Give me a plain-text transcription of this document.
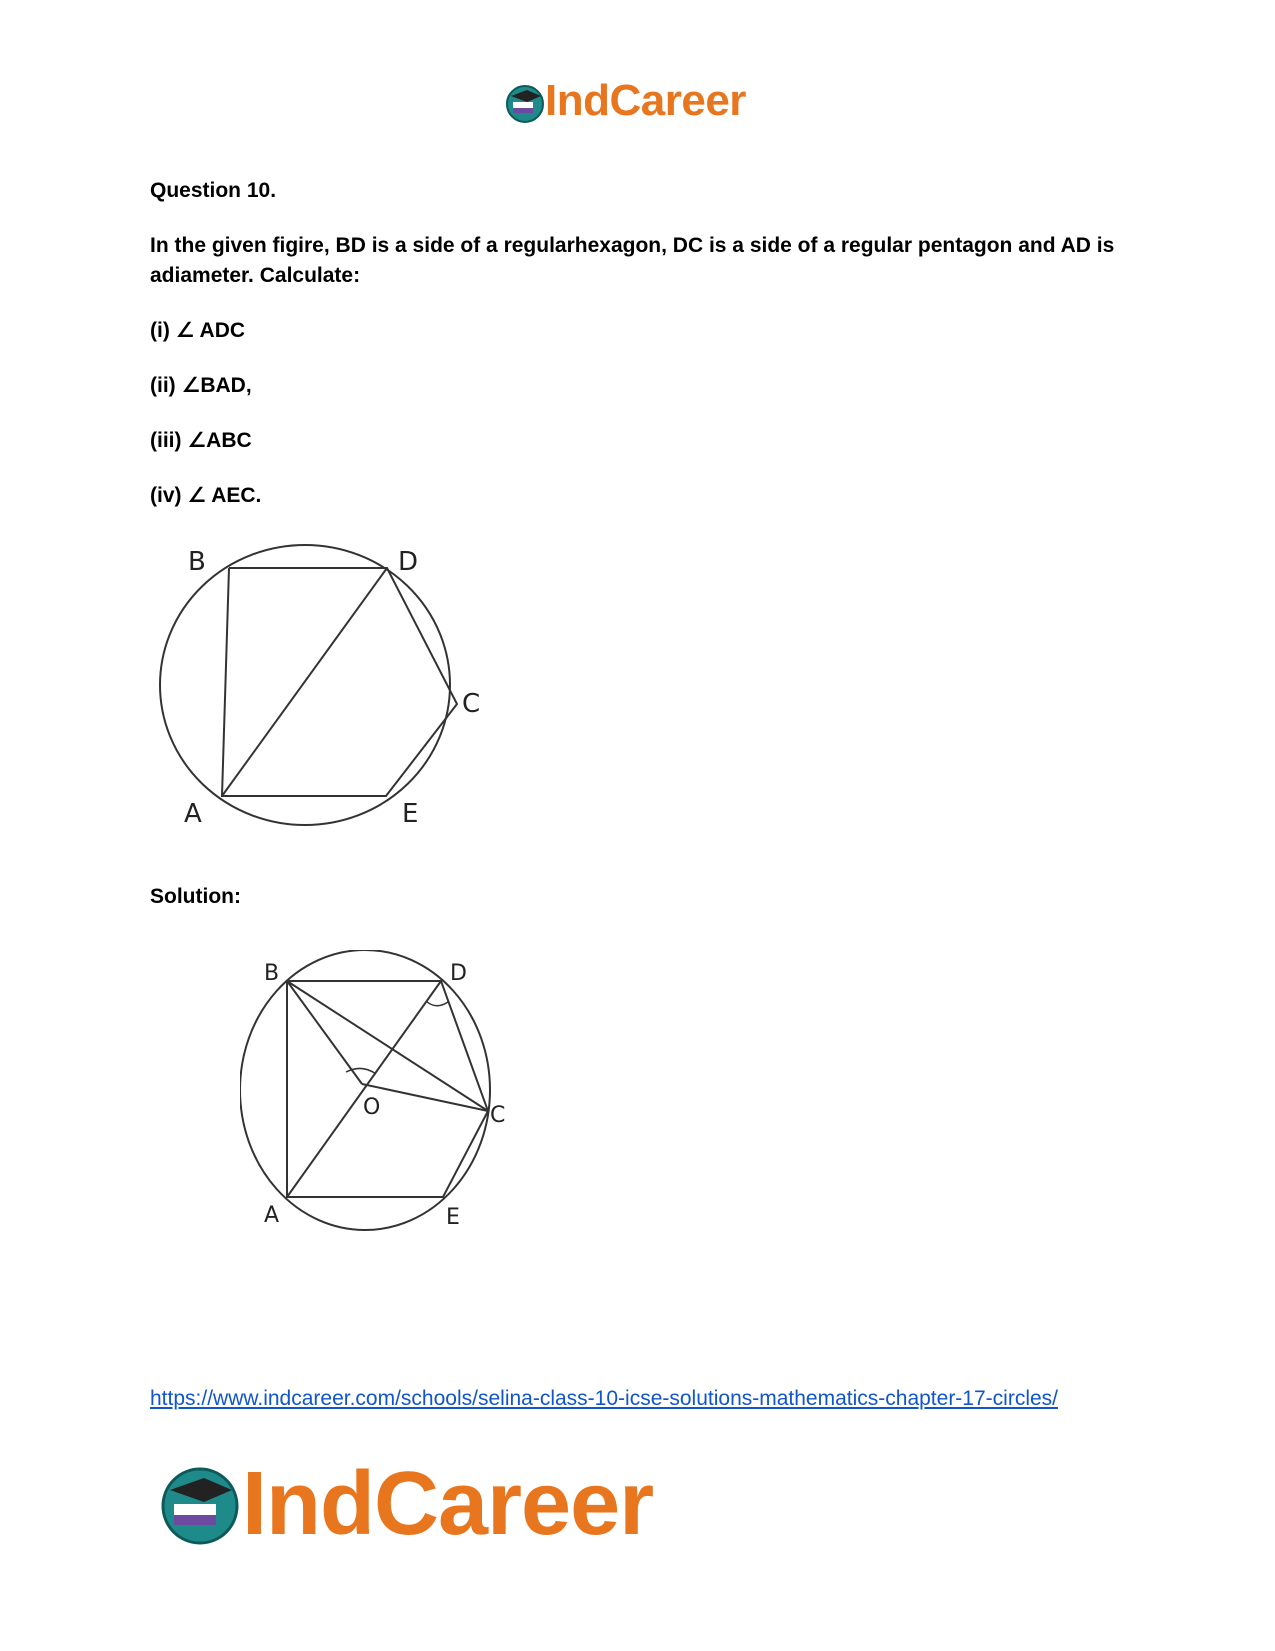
IndCareer
Question 10.
In the given figire, BD is a side of a regularhexagon, DC is a side of a regular pentagon and AD is adiameter. Calculate:
(i) ∠ ADC
(ii) ∠BAD,
(iii) ∠ABC
(iv) ∠ AEC.
B	D
C
A	E
Solution:
B	D
C
O
A	E
https://www.indcareer.com/schools/selina-class-10-icse-solutions-mathematics-chapter-17-circles/
IndCareer
